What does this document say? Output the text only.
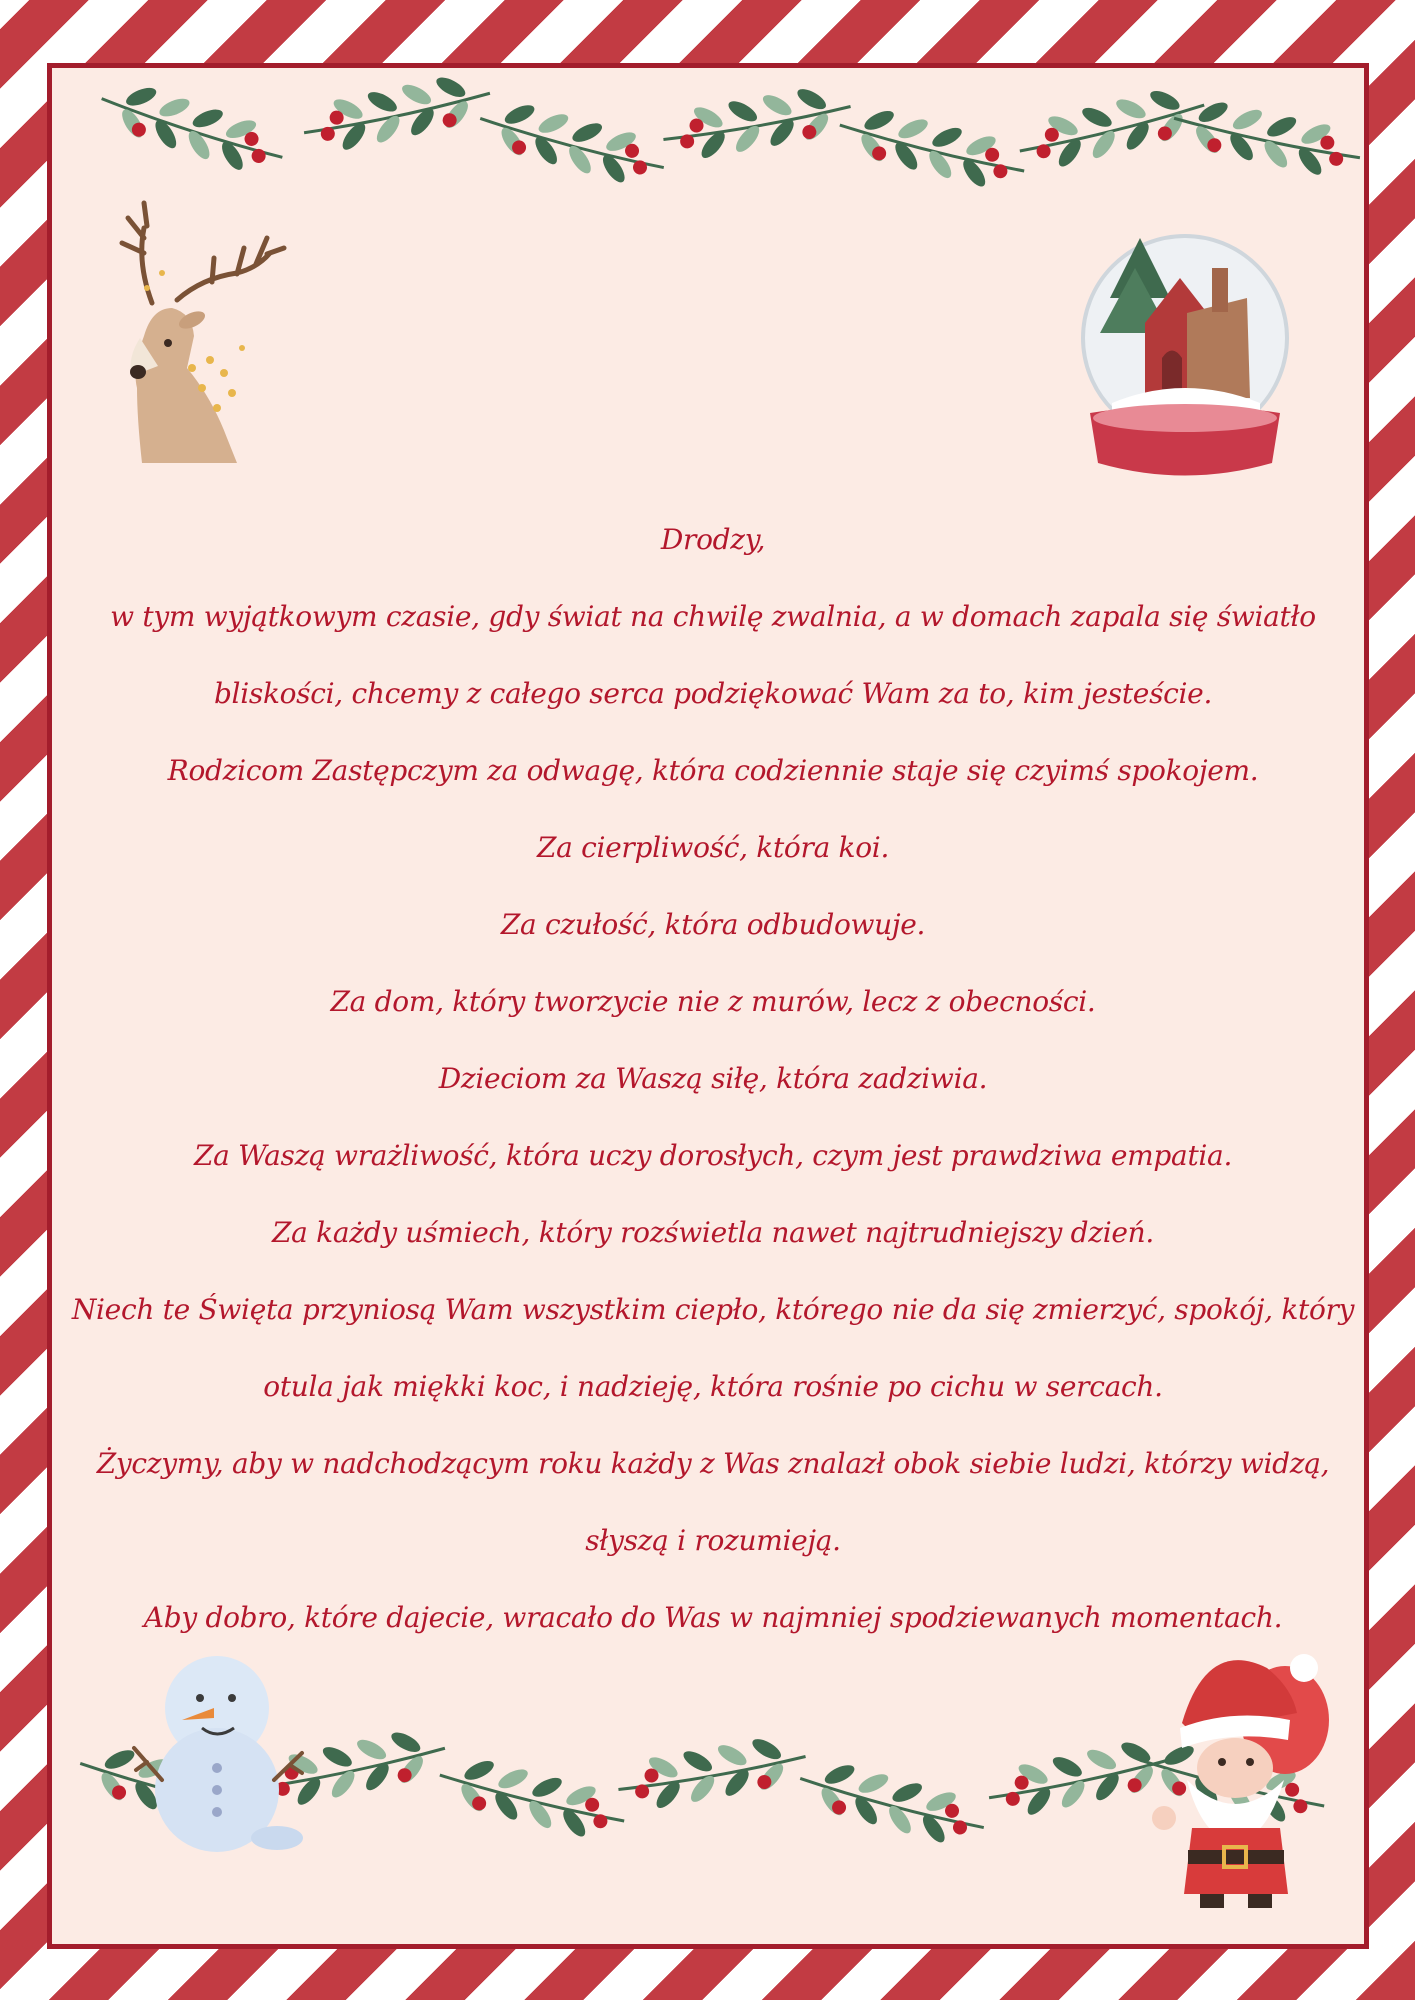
Drodzy,
w tym wyjątkowym czasie, gdy świat na chwilę zwalnia, a w domach zapala się światło
bliskości, chcemy z całego serca podziękować Wam za to, kim jesteście.
Rodzicom Zastępczym za odwagę, która codziennie staje się czyimś spokojem.
Za cierpliwość, która koi.
Za czułość, która odbudowuje.
Za dom, który tworzycie nie z murów, lecz z obecności.
Dzieciom za Waszą siłę, która zadziwia.
Za Waszą wrażliwość, która uczy dorosłych, czym jest prawdziwa empatia.
Za każdy uśmiech, który rozświetla nawet najtrudniejszy dzień.
Niech te Święta przyniosą Wam wszystkim ciepło, którego nie da się zmierzyć, spokój, który
otula jak miękki koc, i nadzieję, która rośnie po cichu w sercach.
Życzymy, aby w nadchodzącym roku każdy z Was znalazł obok siebie ludzi, którzy widzą,
słyszą i rozumieją.
Aby dobro, które dajecie, wracało do Was w najmniej spodziewanych momentach.
